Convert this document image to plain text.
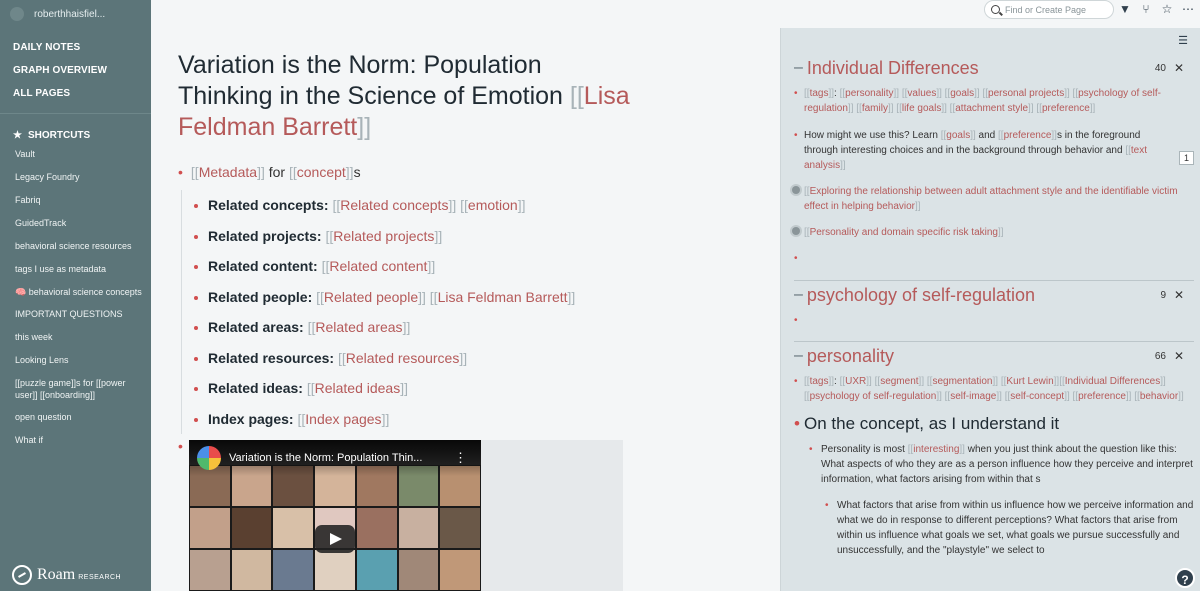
roberthhaisfiel...
DAILY NOTES
GRAPH OVERVIEW
ALL PAGES
★ SHORTCUTS
Vault
Legacy Foundry
Fabriq
GuidedTrack
behavioral science resources
tags I use as metadata
🧠 behavioral science concepts
IMPORTANT QUESTIONS
this week
Looking Lens
[[puzzle game]]s for [[power user]] [[onboarding]]
open question
What if
Roam RESEARCH
Variation is the Norm: Population Thinking in the Science of Emotion [[Lisa Feldman Barrett]]
• [[Metadata]] for [[concept]]s
Related concepts: [[Related concepts]] [[emotion]]
Related projects: [[Related projects]]
Related content: [[Related content]]
Related people: [[Related people]] [[Lisa Feldman Barrett]]
Related areas: [[Related areas]]
Related resources: [[Related resources]]
Related ideas: [[Related ideas]]
Index pages: [[Index pages]]
•
Variation is the Norm: Population Thin...	⋮
Find or Create Page
▼ ⑂ ☆ ⋯
☰
– Individual Differences	40 ✕
• [[tags]]: [[personality]] [[values]] [[goals]] [[personal projects]] [[psychology of self-regulation]] [[family]] [[life goals]] [[attachment style]] [[preference]]
• How might we use this? Learn [[goals]] and [[preference]]s in the foreground through interesting choices and in the background through behavior and [[text analysis]]
[[Exploring the relationship between adult attachment style and the identifiable victim effect in helping behavior]]
[[Personality and domain specific risk taking]]
•

1
– psychology of self-regulation	9 ✕
•

– personality	66 ✕
• [[tags]]: [[UXR]] [[segment]] [[segmentation]] [[Kurt Lewin]][[Individual Differences]] [[psychology of self-regulation]] [[self-image]] [[self-concept]] [[preference]] [[behavior]]
• On the concept, as I understand it
• Personality is most [[interesting]] when you just think about the question like this: What aspects of who they are as a person influence how they perceive and interpret information, what factors arising from within that s
• What factors that arise from within us influence how we perceive information and what we do in response to different perceptions? What factors that arise from within us influence what goals we set, what goals we pursue successfully and unsuccessfully, and the "playstyle" we select to
?
